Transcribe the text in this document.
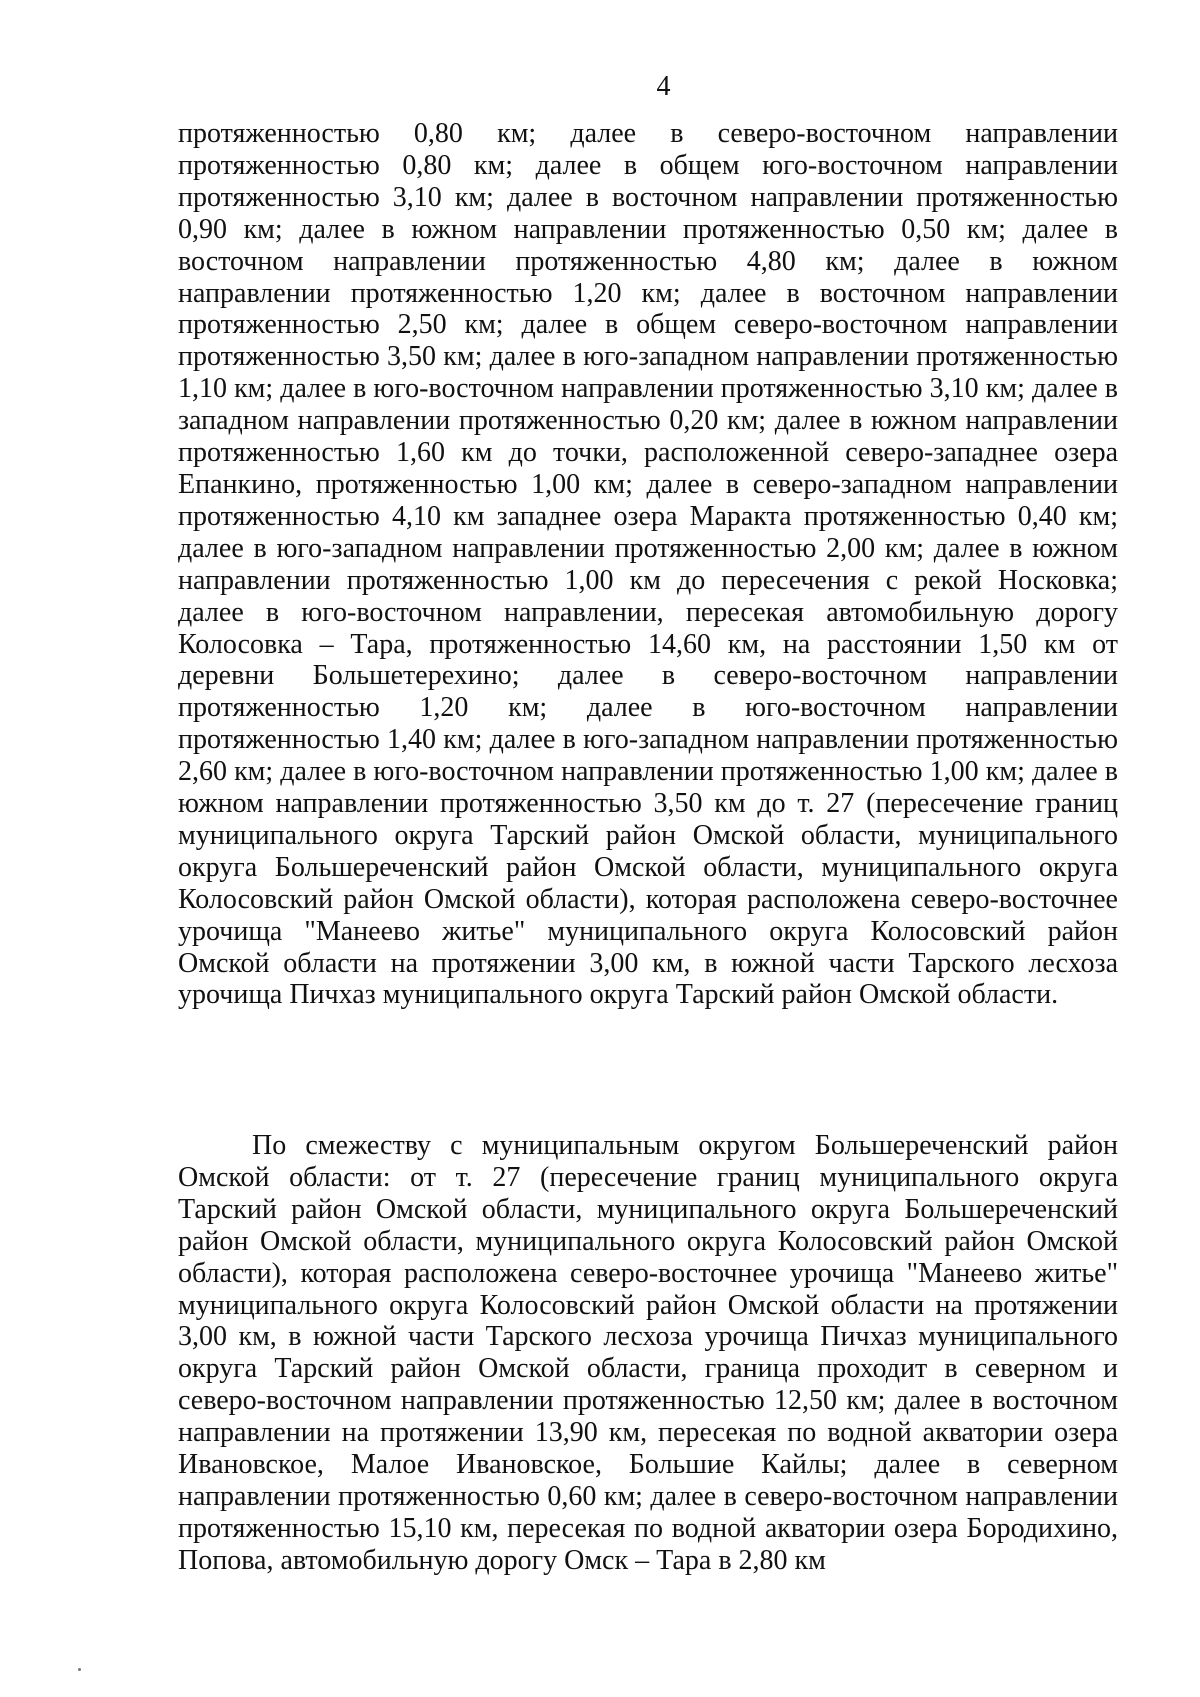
4

протяженностью 0,80 км; далее в северо-восточном направлении протяженностью 0,80 км; далее в общем юго-восточном направлении протяженностью 3,10 км; далее в восточном направлении протяженностью 0,90 км; далее в южном направлении протяженностью 0,50 км; далее в восточном направлении протяженностью 4,80 км; далее в южном направлении протяженностью 1,20 км; далее в восточном направлении протяженностью 2,50 км; далее в общем северо-восточном направлении протяженностью 3,50 км; далее в юго-западном направлении протяженностью 1,10 км; далее в юго-восточном направлении протяженностью 3,10 км; далее в западном направлении протяженностью 0,20 км; далее в южном направлении протяженностью 1,60 км до точки, расположенной северо-западнее озера Епанкино, протяженностью 1,00 км; далее в северо-западном направлении протяженностью 4,10 км западнее озера Маракта протяженностью 0,40 км; далее в юго-западном направлении протяженностью 2,00 км; далее в южном направлении протяженностью 1,00 км до пересечения с рекой Носковка; далее в юго-восточном направлении, пересекая автомобильную дорогу Колосовка – Тара, протяженностью 14,60 км, на расстоянии 1,50 км от деревни Большетерехино; далее в северо-восточном направлении протяженностью 1,20 км; далее в юго-восточном направлении протяженностью 1,40 км; далее в юго-западном направлении протяженностью 2,60 км; далее в юго-восточном направлении протяженностью 1,00 км; далее в южном направлении протяженностью 3,50 км до т. 27 (пересечение границ муниципального округа Тарский район Омской области, муниципального округа Большереченский район Омской области, муниципального округа Колосовский район Омской области), которая расположена северо-восточнее урочища "Манеево житье" муниципального округа Колосовский район Омской области на протяжении 3,00 км, в южной части Тарского лесхоза урочища Пичхаз муниципального округа Тарский район Омской области.

По смежеству с муниципальным округом Большереченский район Омской области: от т. 27 (пересечение границ муниципального округа Тарский район Омской области, муниципального округа Большереченский район Омской области, муниципального округа Колосовский район Омской области), которая расположена северо-восточнее урочища "Манеево житье" муниципального округа Колосовский район Омской области на протяжении 3,00 км, в южной части Тарского лесхоза урочища Пичхаз муниципального округа Тарский район Омской области, граница проходит в северном и северо-восточном направлении протяженностью 12,50 км; далее в восточном направлении на протяжении 13,90 км, пересекая по водной акватории озера Ивановское, Малое Ивановское, Большие Кайлы; далее в северном направлении протяженностью 0,60 км; далее в северо-восточном направлении протяженностью 15,10 км, пересекая по водной акватории озера Бородихино, Попова, автомобильную дорогу Омск – Тара в 2,80 км
